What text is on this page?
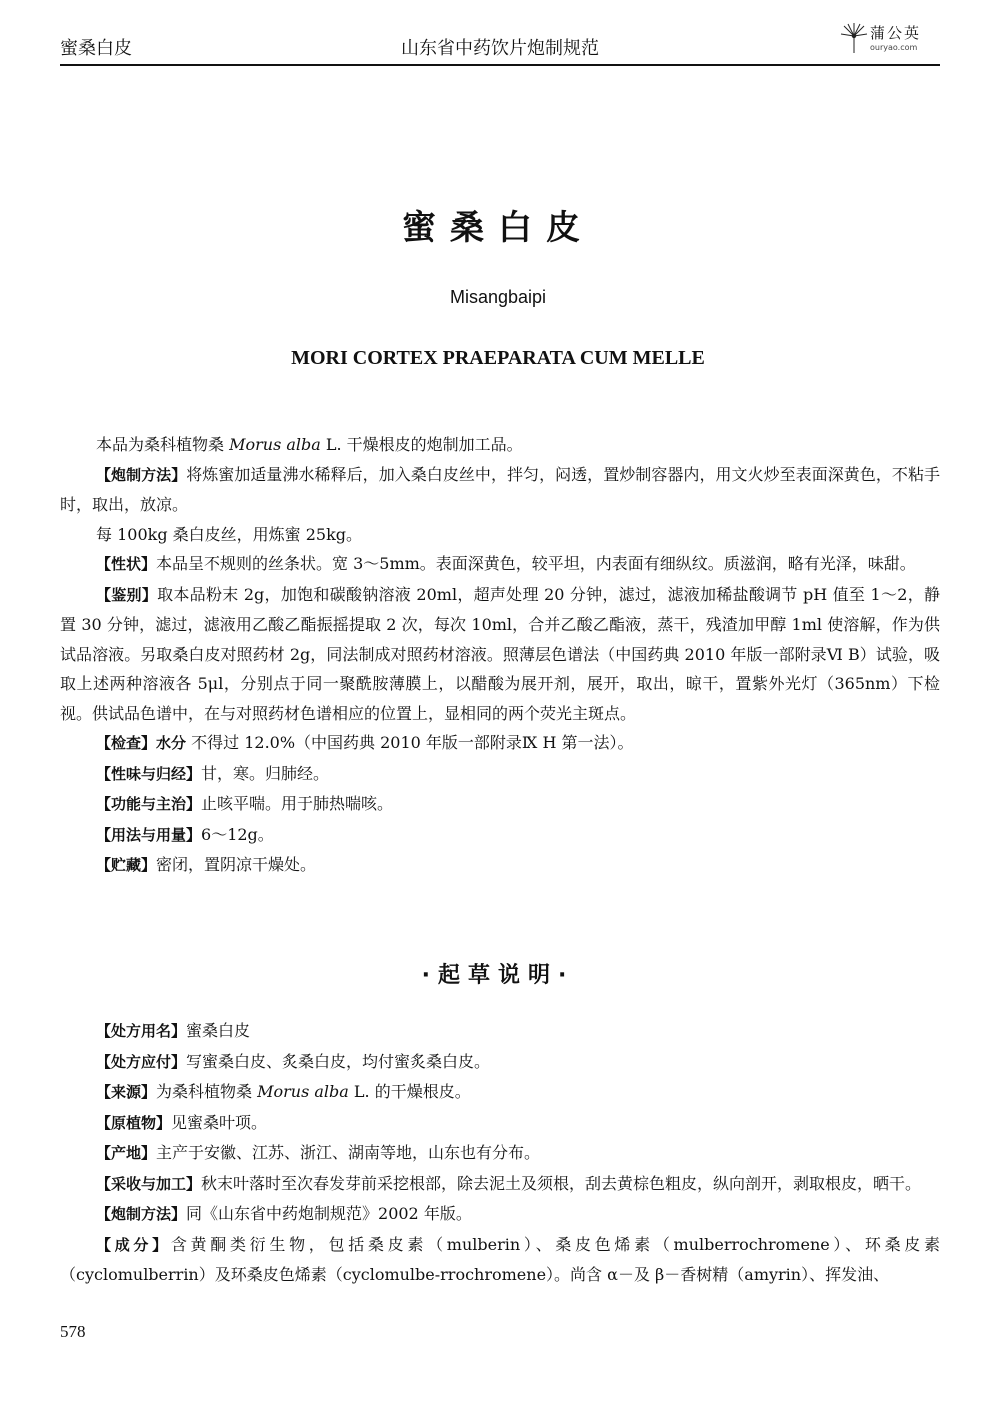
蜜桑白皮	山东省中药饮片炮制规范
蒲公英
ouryao.com
蜜桑白皮
Misangbaipi
MORI CORTEX PRAEPARATA CUM MELLE

本品为桑科植物桑 Morus alba L. 干燥根皮的炮制加工品。

【炮制方法】将炼蜜加适量沸水稀释后，加入桑白皮丝中，拌匀，闷透，置炒制容器内，用文火炒至表面深黄色，不粘手时，取出，放凉。

每 100kg 桑白皮丝，用炼蜜 25kg。

【性状】本品呈不规则的丝条状。宽 3～5mm。表面深黄色，较平坦，内表面有细纵纹。质滋润，略有光泽，味甜。

【鉴别】取本品粉末 2g，加饱和碳酸钠溶液 20ml，超声处理 20 分钟，滤过，滤液加稀盐酸调节 pH 值至 1～2，静置 30 分钟，滤过，滤液用乙酸乙酯振摇提取 2 次，每次 10ml，合并乙酸乙酯液，蒸干，残渣加甲醇 1ml 使溶解，作为供试品溶液。另取桑白皮对照药材 2g，同法制成对照药材溶液。照薄层色谱法（中国药典 2010 年版一部附录Ⅵ B）试验，吸取上述两种溶液各 5μl，分别点于同一聚酰胺薄膜上，以醋酸为展开剂，展开，取出，晾干，置紫外光灯（365nm）下检视。供试品色谱中，在与对照药材色谱相应的位置上，显相同的两个荧光主斑点。

【检查】水分 不得过 12.0%（中国药典 2010 年版一部附录Ⅸ H 第一法）。

【性味与归经】甘，寒。归肺经。

【功能与主治】止咳平喘。用于肺热喘咳。

【用法与用量】6～12g。

【贮藏】密闭，置阴凉干燥处。

·起草说明·

【处方用名】蜜桑白皮

【处方应付】写蜜桑白皮、炙桑白皮，均付蜜炙桑白皮。

【来源】为桑科植物桑 Morus alba L. 的干燥根皮。

【原植物】见蜜桑叶项。

【产地】主产于安徽、江苏、浙江、湖南等地，山东也有分布。

【采收与加工】秋末叶落时至次春发芽前采挖根部，除去泥土及须根，刮去黄棕色粗皮，纵向剖开，剥取根皮，晒干。

【炮制方法】同《山东省中药炮制规范》2002 年版。

【成分】含黄酮类衍生物，包括桑皮素（mulberin）、桑皮色烯素（mulberrochromene）、环桑皮素（cyclomulberrin）及环桑皮色烯素（cyclomulbe-rrochromene）。尚含 α－及 β－香树精（amyrin）、挥发油、

578
